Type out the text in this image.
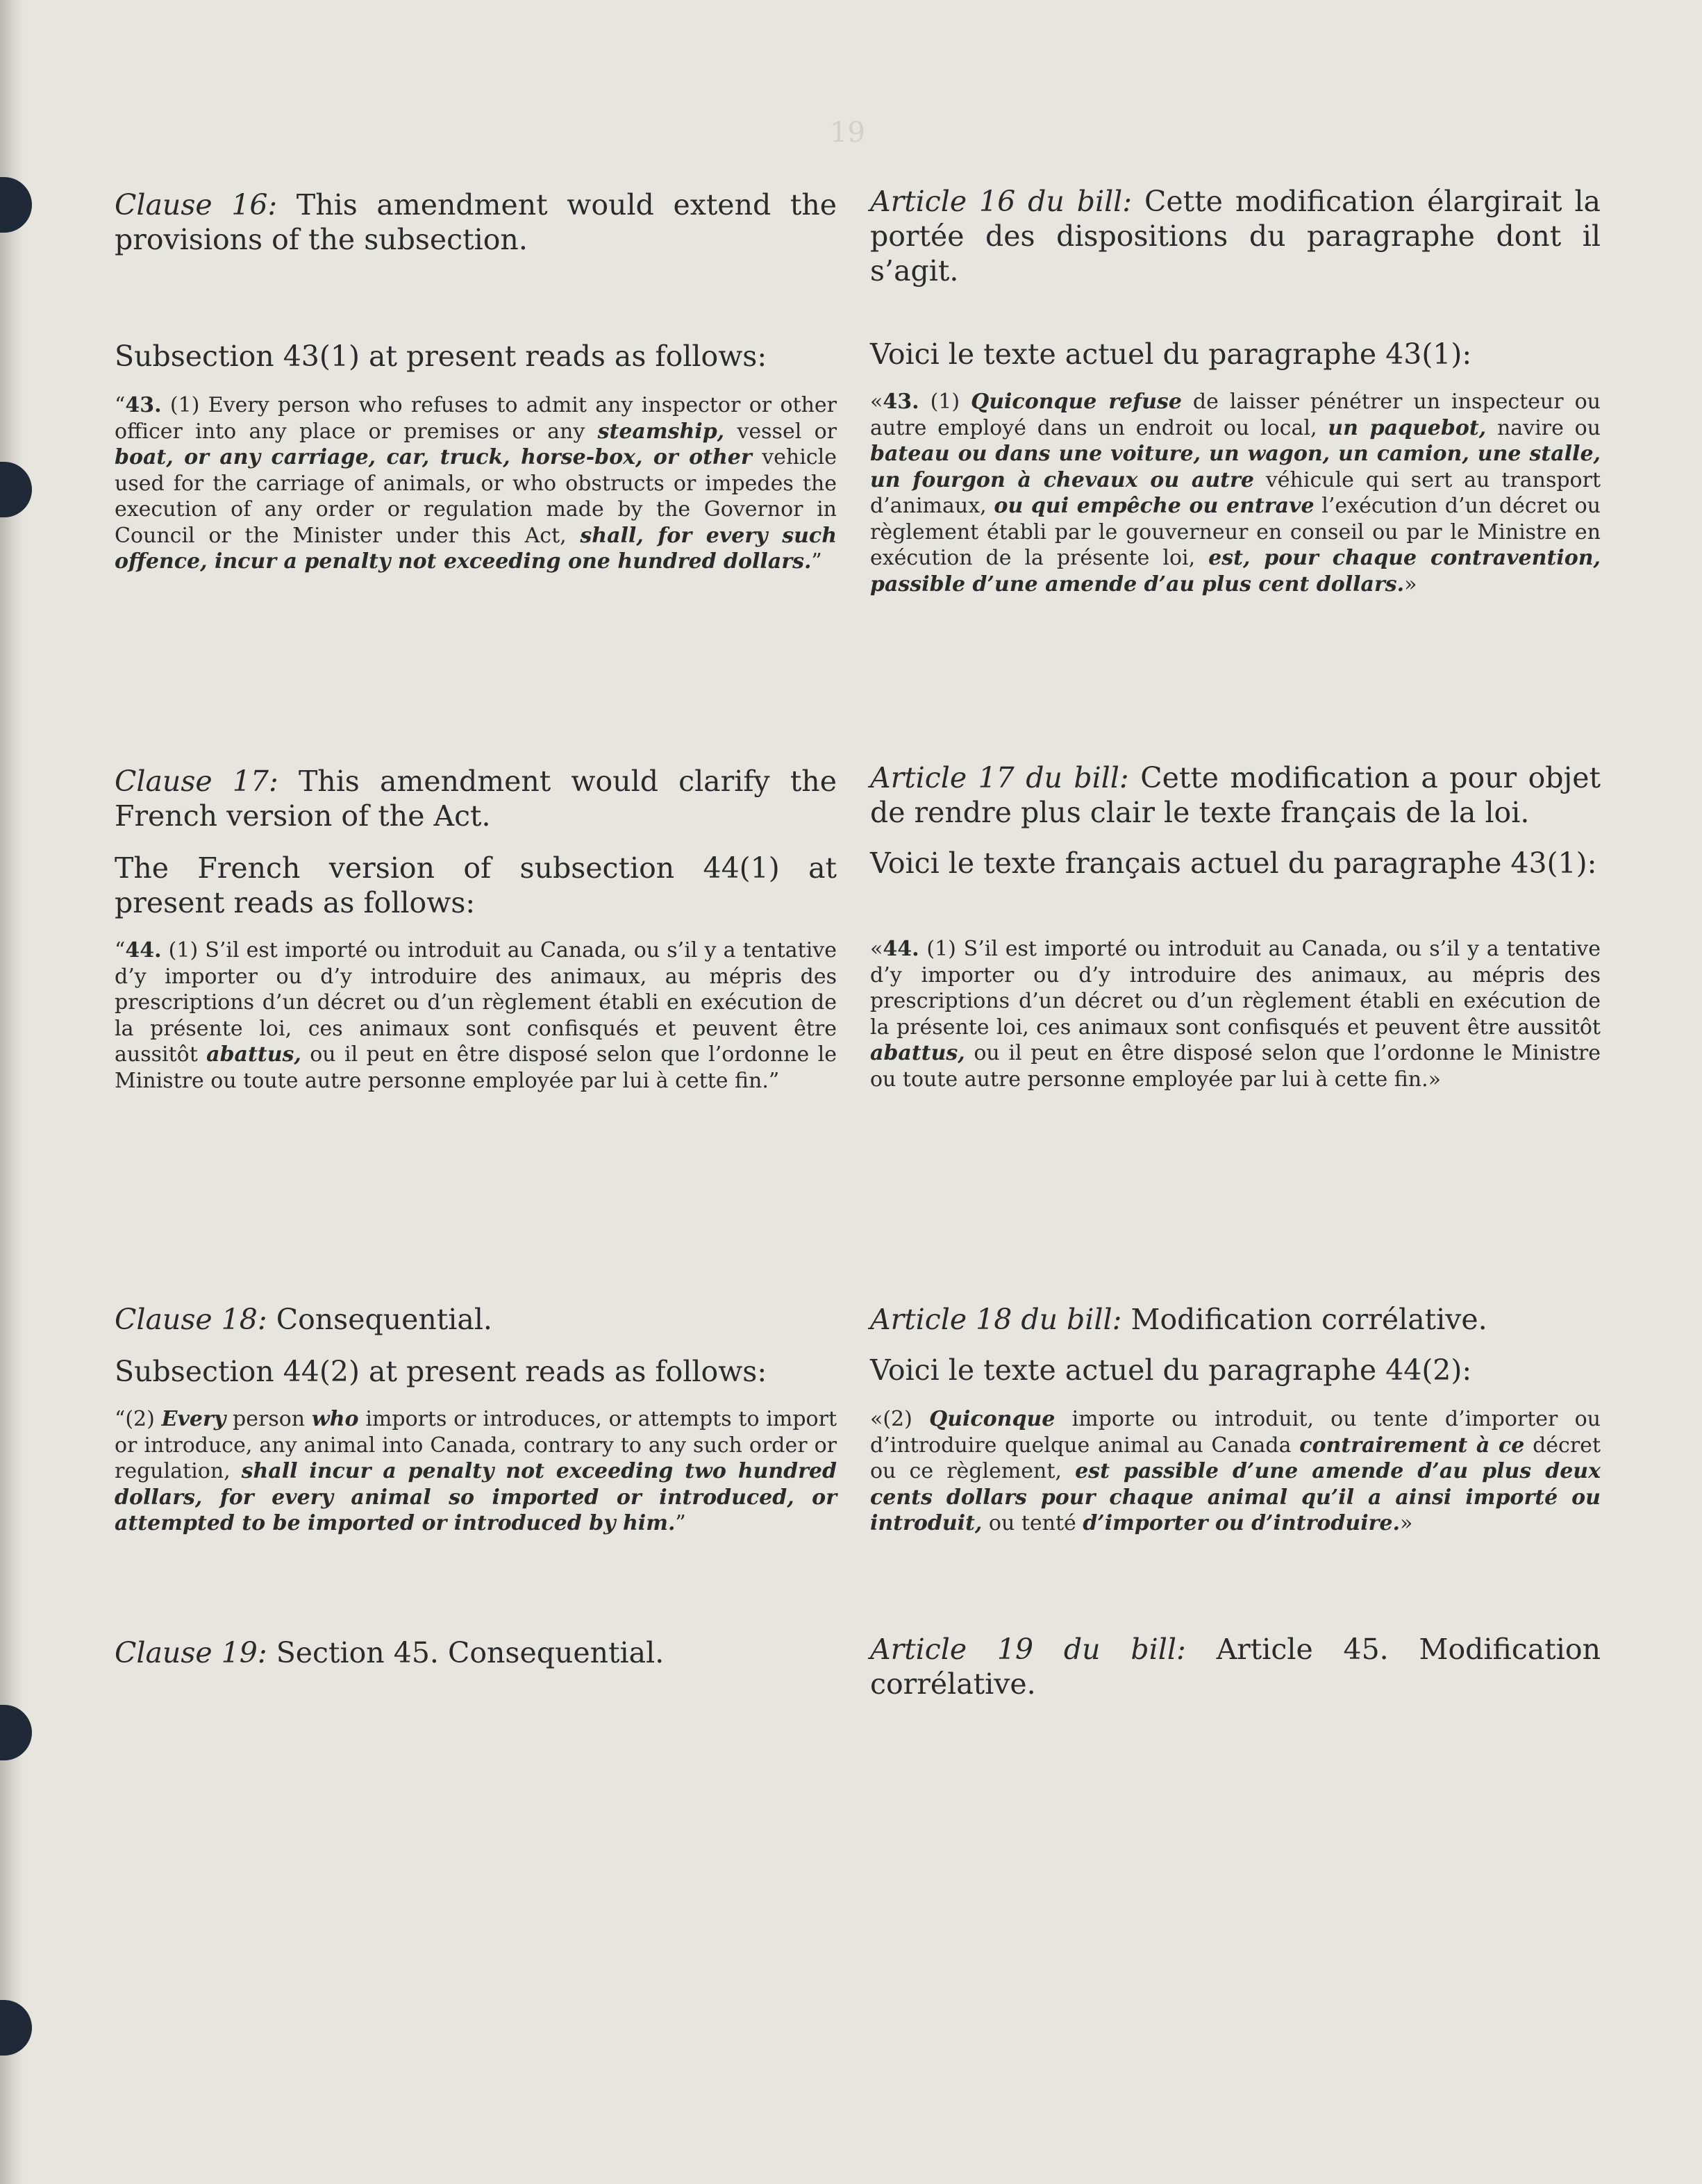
19

Clause 16: This amendment would extend the provisions of the subsection.

Subsection 43(1) at present reads as follows:

“43. (1) Every person who refuses to admit any inspector or other officer into any place or premises or any steamship, vessel or boat, or any carriage, car, truck, horse-box, or other vehicle used for the carriage of animals, or who obstructs or impedes the execution of any order or regulation made by the Governor in Council or the Minister under this Act, shall, for every such offence, incur a penalty not exceeding one hundred dollars.”

Clause 17: This amendment would clarify the French version of the Act.

The French version of subsection 44(1) at present reads as follows:

“44. (1) S’il est importé ou introduit au Canada, ou s’il y a tentative d’y importer ou d’y introduire des animaux, au mépris des prescriptions d’un décret ou d’un règlement établi en exécution de la présente loi, ces animaux sont confisqués et peuvent être aussitôt abattus, ou il peut en être disposé selon que l’ordonne le Ministre ou toute autre personne employée par lui à cette fin.”

Clause 18: Consequential.

Subsection 44(2) at present reads as follows:

“(2) Every person who imports or introduces, or attempts to import or introduce, any animal into Canada, contrary to any such order or regulation, shall incur a penalty not exceeding two hundred dollars, for every animal so imported or introduced, or attempted to be imported or introduced by him.”

Clause 19: Section 45. Consequential.

Article 16 du bill: Cette modification élargirait la portée des dispositions du paragraphe dont il s’agit.

Voici le texte actuel du paragraphe 43(1):

«43. (1) Quiconque refuse de laisser pénétrer un inspecteur ou autre employé dans un endroit ou local, un paquebot, navire ou bateau ou dans une voiture, un wagon, un camion, une stalle, un fourgon à chevaux ou autre véhicule qui sert au transport d’animaux, ou qui empêche ou entrave l’exécution d’un décret ou règlement établi par le gouverneur en conseil ou par le Ministre en exécution de la présente loi, est, pour chaque contravention, passible d’une amende d’au plus cent dollars.»

Article 17 du bill: Cette modification a pour objet de rendre plus clair le texte français de la loi.

Voici le texte français actuel du paragraphe 43(1):

«44. (1) S’il est importé ou introduit au Canada, ou s’il y a tentative d’y importer ou d’y introduire des animaux, au mépris des prescriptions d’un décret ou d’un règlement établi en exécution de la présente loi, ces animaux sont confisqués et peuvent être aussitôt abattus, ou il peut en être disposé selon que l’ordonne le Ministre ou toute autre personne employée par lui à cette fin.»

Article 18 du bill: Modification corrélative.

Voici le texte actuel du paragraphe 44(2):

«(2) Quiconque importe ou introduit, ou tente d’importer ou d’introduire quelque animal au Canada contrairement à ce décret ou ce règlement, est passible d’une amende d’au plus deux cents dollars pour chaque animal qu’il a ainsi importé ou introduit, ou tenté d’importer ou d’introduire.»

Article 19 du bill: Article 45. Modification corrélative.
